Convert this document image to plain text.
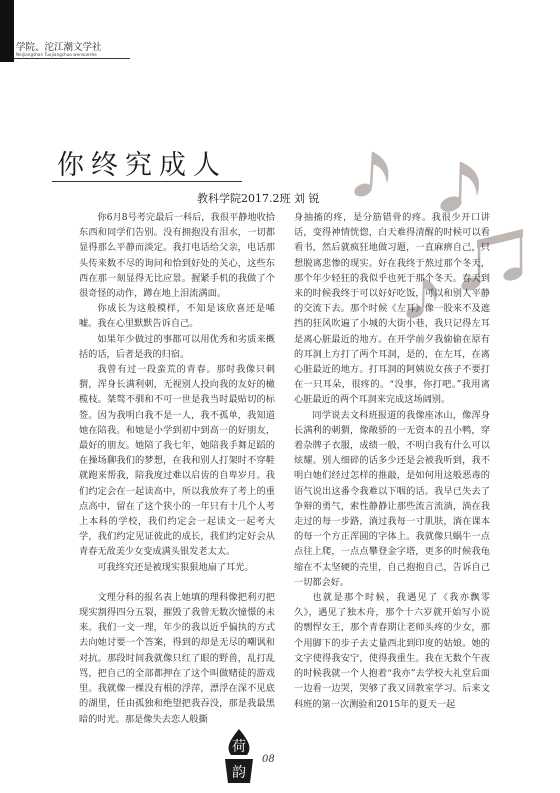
学院、沱江潮文学社
Neijiangshan Tuojiangchao wenxueshe
你终究成人
教科学院2017.2班 刘 锐

你6月8号考完最后一科后，我很平静地收拾东西和同学们告别。没有拥抱没有泪水，一切都显得那么平静而淡定。我打电话给父亲，电话那头传来数不尽的询问和恰到好处的关心，这些东西在那一刻显得无比应景。握紧手机的我做了个很奇怪的动作，蹲在地上泪流满面。

你成长为这般模样，不知是该欣喜还是唏嘘。我在心里默默告诉自己。

如果年少做过的事都可以用优秀和劣质来概括的话，后者是我的归宿。

我曾有过一段蛮荒的青春。那时我像只刺猬，浑身长满利刺，无视别人投向我的友好的橄榄枝。桀骜不驯和不可一世是我当时最贴切的标签。因为我明白我不是一人，我不孤单，我知道她在陪我。和她是小学到初中到高一的好朋友，最好的朋友。她陪了我七年，她陪我手舞足蹈的在操场聊我们的梦想，在我和别人打架时不穿鞋就跑来帮我，陪我度过难以启齿的自卑岁月。我们约定会在一起读高中，所以我放弃了考上的重点高中，留在了这个狭小的一年只有十几个人考上本科的学校，我们约定会一起读文一起考大学，我们约定见证彼此的成长，我们约定好会从青春无敌美少女变成满头银发老太太。

可我终究还是被现实狠狠地扇了耳光。

文理分科的报名表上她填的理科像把利刃把现实割得四分五裂，摧毁了我曾无数次憧憬的未来。我们一文一理，年少的我以近乎偏执的方式去向她讨要一个答案，得到的却是无尽的嘲讽和对抗。那段时间我就像只红了眼的野兽，乱打乱骂，把自己的全部都押在了这个叫做赌徒的游戏里。我就像一棵没有根的浮萍，漂浮在深不见底的湖里，任由孤独和绝望把我吞没，那是我最黑暗的时光。那是像失去恋人般撕

身抽搐的疼，是分筋错骨的疼。我很少开口讲话，变得神情恍惚，白天难得清醒的时候可以看看书，然后就疯狂地做习题，一直麻痹自己，只想脱离悲惨的现实。好在我终于熬过那个冬天，那个年少轻狂的我似乎也死于那个冬天。春天到来的时候我终于可以好好吃饭，可以和别人平静的交流下去。那个时候《左耳》像一股来不及遮挡的狂风吹遍了小城的大街小巷，我只记得左耳是离心脏最近的地方。在开学前夕我偷偷在原有的耳洞上方打了两个耳洞，是的，在左耳，在离心脏最近的地方。打耳洞的阿姨说女孩子不要打在一只耳朵，很疼的。“没事，你打吧。”我用离心脏最近的两个耳洞来完成这场阔别。

同学说去文科班报道的我像座冰山，像浑身长满利的刺猬，像敞骄的一无资本的丑小鸭，穿着杂牌子衣服，成绩一般，不明白我有什么可以炫耀。别人细碎的话多少还是会被我听到，我不明白她们经过怎样的推敲，是如何用这般恶毒的语气说出这番令我难以下咽的话。我早已失去了争辩的勇气，索性静静让那些流言流淌，淌在我走过的每一步路，淌过我每一寸肌肤，淌在课本的每一个方正浑圆的字体上。我就像只蜗牛一点点往上爬，一点点攀登金字塔，更多的时候我龟缩在不太坚硬的壳里，自己抱抱自己，告诉自己一切都会好。

也就是那个时候，我遇见了《我亦飘零久》，遇见了独木舟，那个十六岁就开始写小说的剽悍女王，那个青春期让老师头疼的少女，那个用脚下的步子去丈量西北到印度的姑娘。她的文字使得我安宁，使得我重生。我在无数个午夜的时候我就一个人抱着“我亦”去学校大礼堂后面一边看一边哭，哭够了我又回教室学习。后来文科班的第一次测验和2015年的夏天一起

荷
韵
08
